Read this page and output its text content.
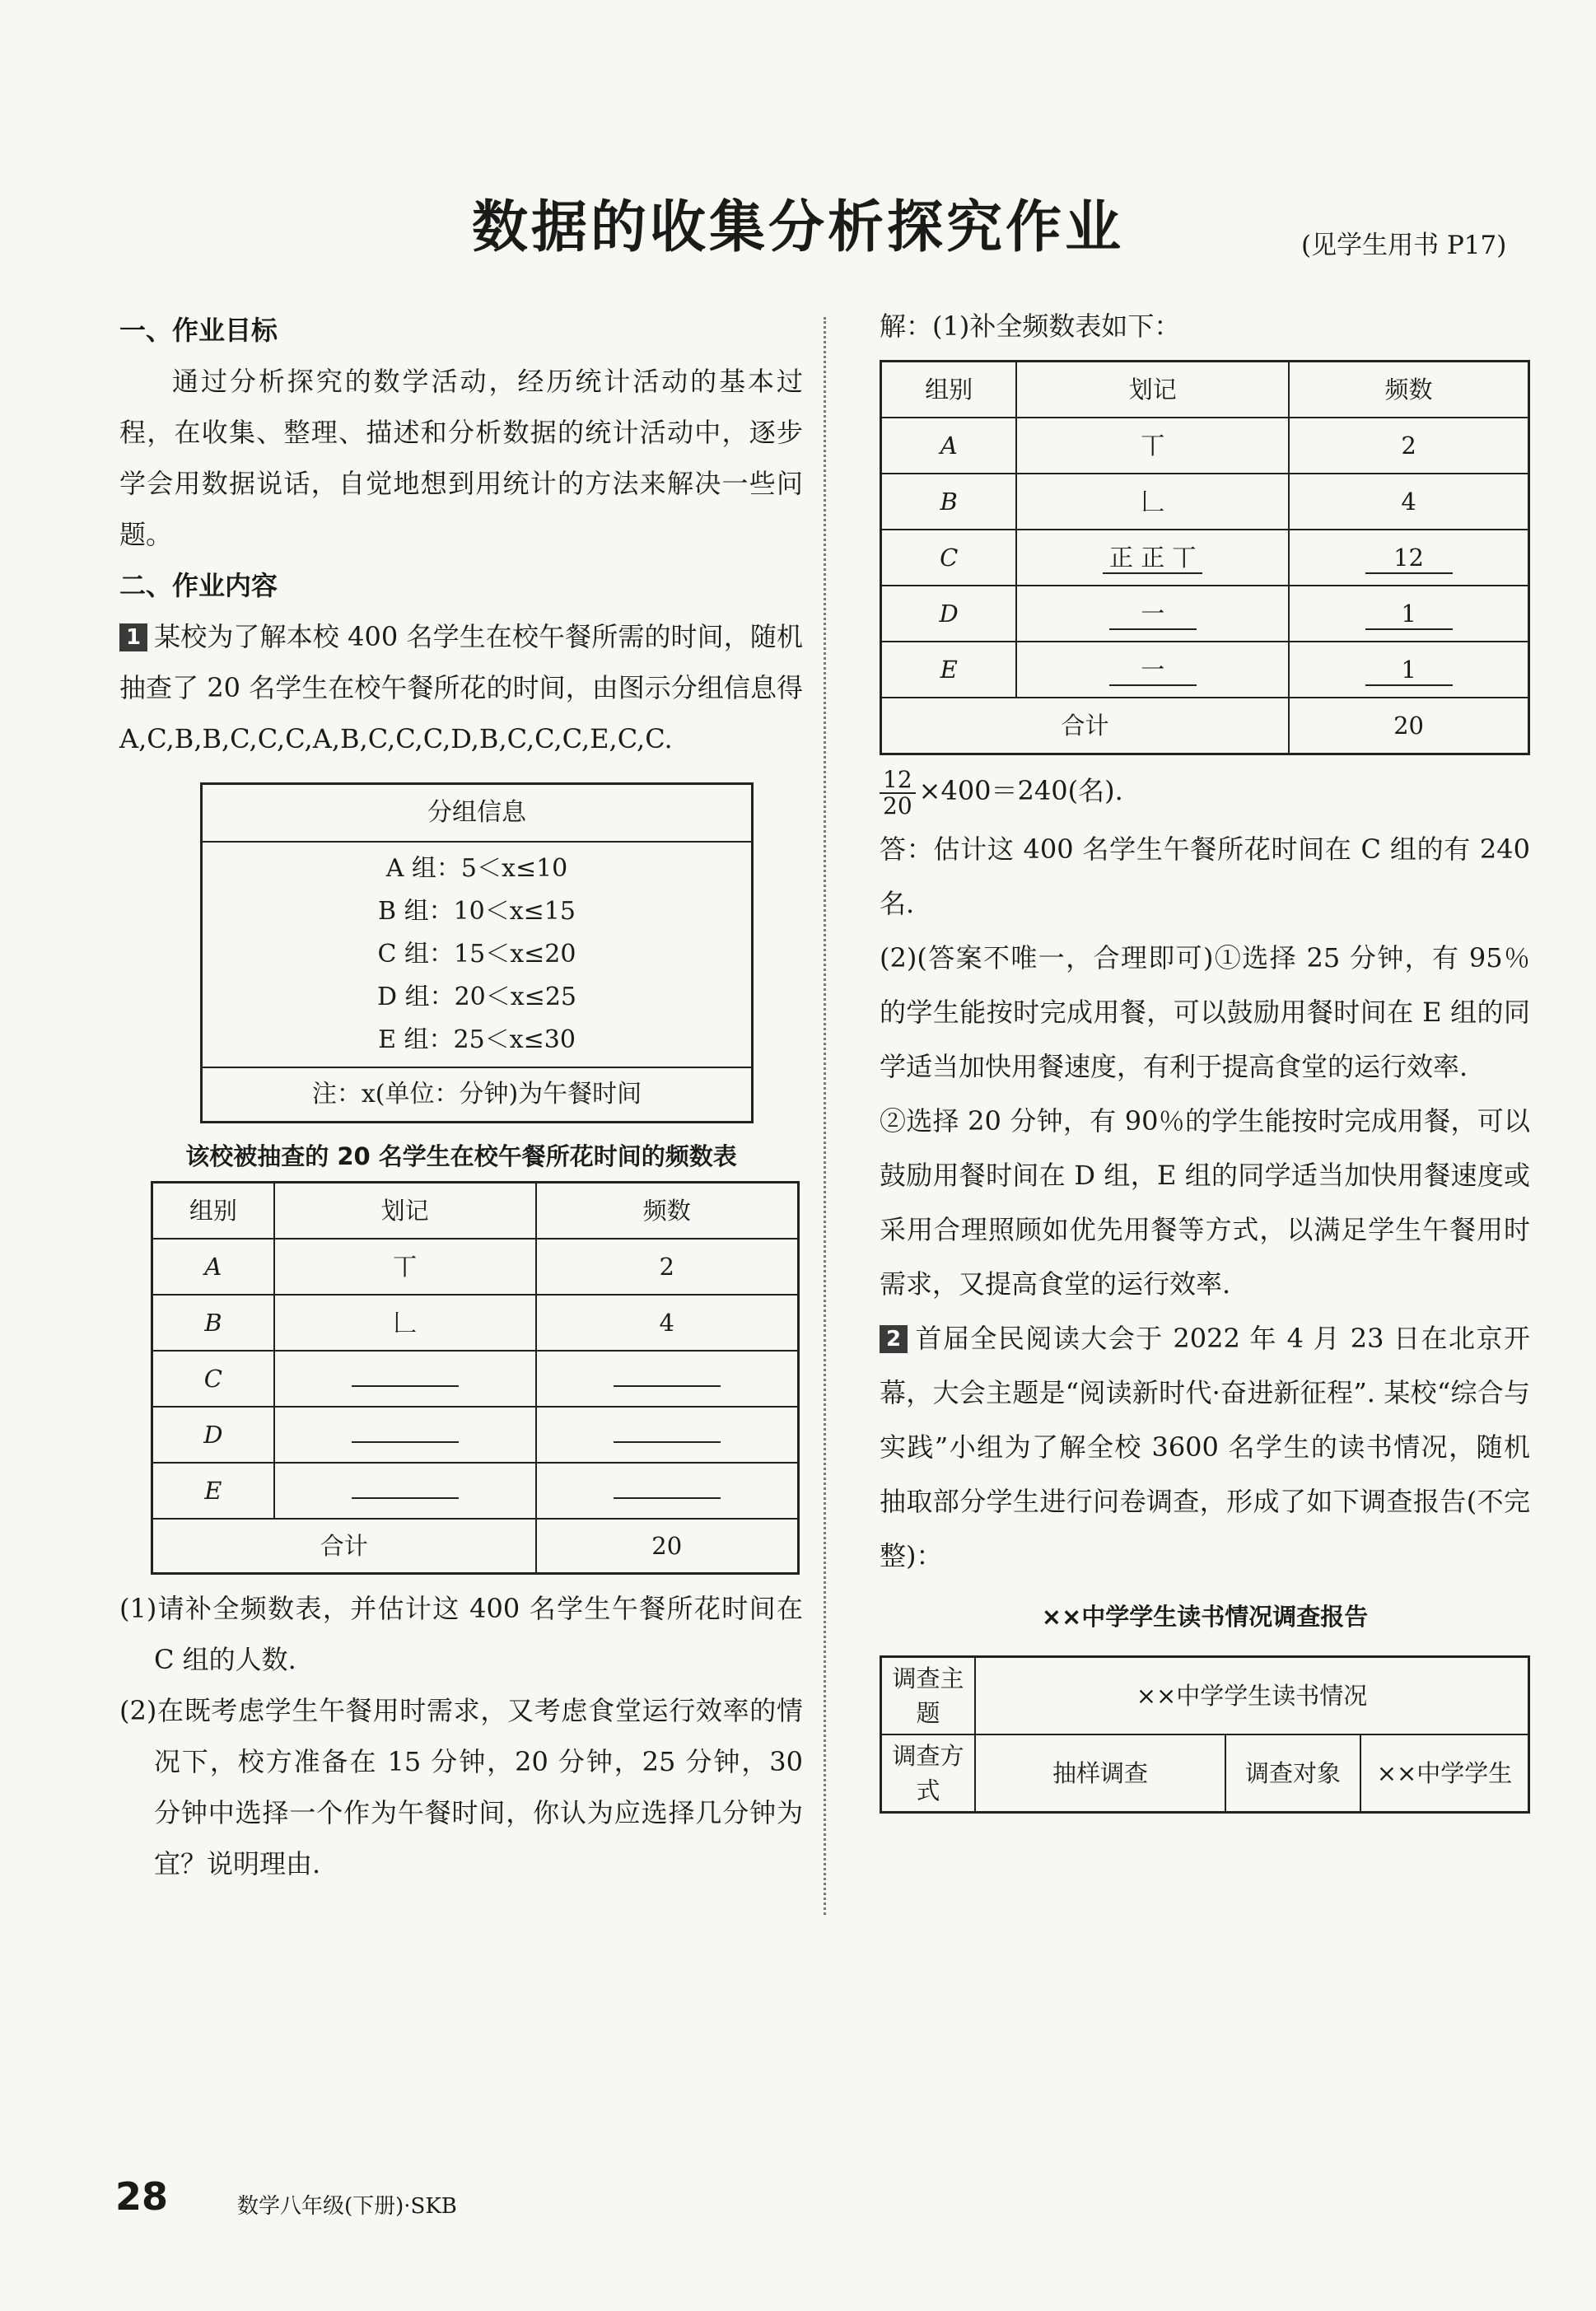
数据的收集分析探究作业	(见学生用书 P17)
一、作业目标

通过分析探究的数学活动，经历统计活动的基本过程，在收集、整理、描述和分析数据的统计活动中，逐步学会用数据说话，自觉地想到用统计的方法来解决一些问题。

二、作业内容
1 某校为了解本校 400 名学生在校午餐所需的时间，随机抽查了 20 名学生在校午餐所花的时间，由图示分组信息得 A,C,B,B,C,C,C,A,B,C,C,C,D,B,C,C,C,E,C,C.
分组信息

A 组：5＜x≤10
B 组：10＜x≤15
C 组：15＜x≤20
D 组：20＜x≤25
E 组：25＜x≤30

注：x(单位：分钟)为午餐时间
该校被抽查的 20 名学生在校午餐所花时间的频数表
组别	划记	频数
A	丅	2
B	𠃊	4
C		
D		
E		
合计		20
(1)请补全频数表，并估计这 400 名学生午餐所花时间在 C 组的人数.
(2)在既考虑学生午餐用时需求，又考虑食堂运行效率的情况下，校方准备在 15 分钟，20 分钟，25 分钟，30 分钟中选择一个作为午餐时间，你认为应选择几分钟为宜？说明理由.
解：(1)补全频数表如下：
组别	划记	频数
A	丅	2
B	𠃊	4
C	正 正 丅	12
D	一	1
E	一	1
合计		20
$\frac{12}{20} \times 400=240$(名).
答：估计这 400 名学生午餐所花时间在 C 组的有 240 名.
(2)(答案不唯一，合理即可)①选择 25 分钟，有 95％的学生能按时完成用餐，可以鼓励用餐时间在 E 组的同学适当加快用餐速度，有利于提高食堂的运行效率.
②选择 20 分钟，有 90％的学生能按时完成用餐，可以鼓励用餐时间在 D 组，E 组的同学适当加快用餐速度或采用合理照顾如优先用餐等方式，以满足学生午餐用时需求，又提高食堂的运行效率.
2 首届全民阅读大会于 2022 年 4 月 23 日在北京开幕，大会主题是“阅读新时代·奋进新征程”. 某校“综合与实践”小组为了解全校 3600 名学生的读书情况，随机抽取部分学生进行问卷调查，形成了如下调查报告(不完整)：
××中学学生读书情况调查报告
调查主题	××中学学生读书情况		
调查方式	抽样调查	调查对象	××中学学生
28	数学八年级(下册)·SKB
